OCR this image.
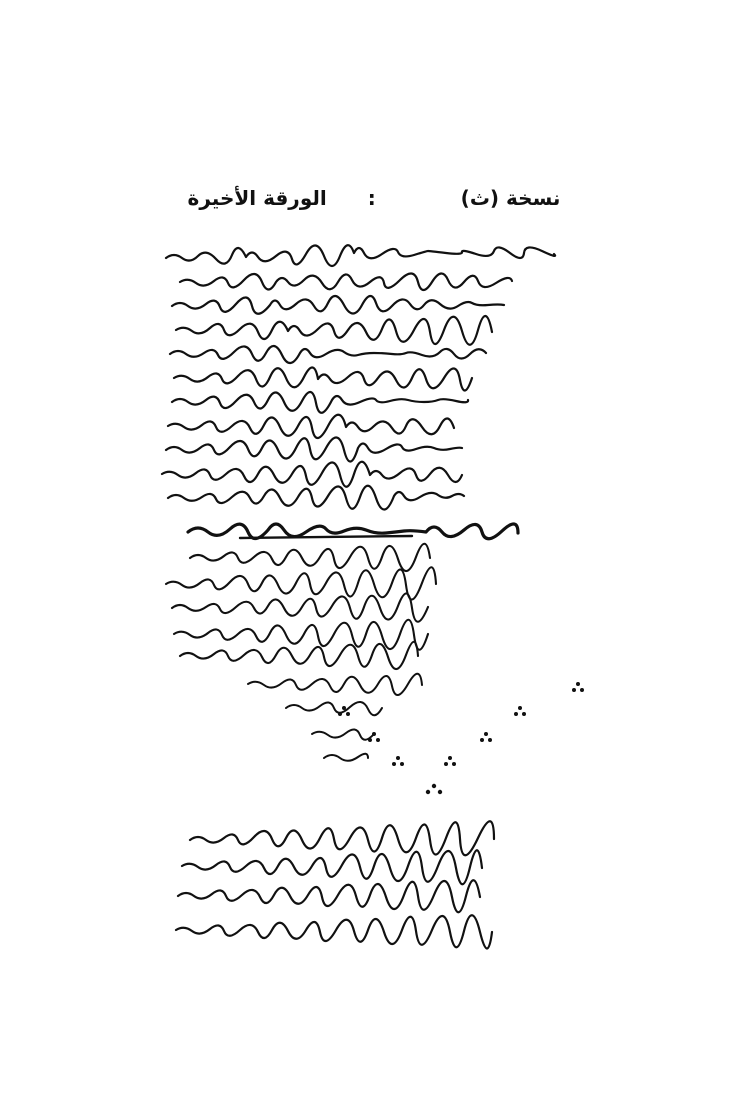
نسخة (ث) : الورقة الأخيرة
